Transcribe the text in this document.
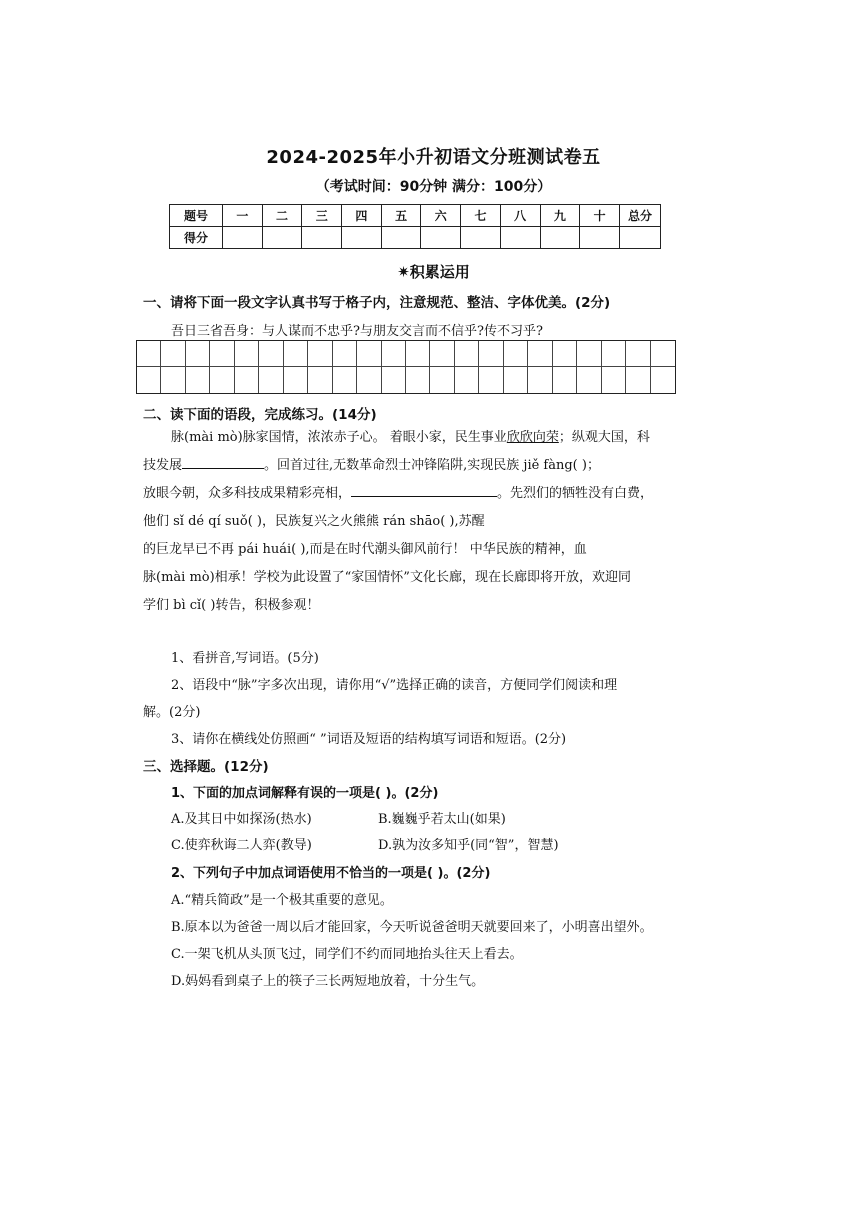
2024-2025年小升初语文分班测试卷五
（考试时间：90分钟 满分：100分）
题号	一	二	三	四	五	六	七	八	九	十	总分
得分											
✷积累运用
一、请将下面一段文字认真书写于格子内，注意规范、整洁、字体优美。(2分)
吾日三省吾身：与人谋而不忠乎?与朋友交言而不信乎?传不习乎?
二、读下面的语段，完成练习。(14分)
脉(mài mò)脉家国情，浓浓赤子心。 着眼小家，民生事业欣欣向荣；纵观大国，科
技发展	。回首过往,无数革命烈士冲锋陷阱,实现民族 jiě fàng( )；
放眼今朝，众多科技成果精彩亮相，	。先烈们的牺牲没有白费，
他们 sǐ dé qí suǒ( )，民族复兴之火熊熊 rán shāo( ),苏醒
的巨龙早已不再 pái huái( ),而是在时代潮头御风前行！ 中华民族的精神，血
脉(mài mò)相承！学校为此设置了“家国情怀”文化长廊，现在长廊即将开放，欢迎同
学们 bì cǐ( )转告，积极参观！
1、看拼音,写词语。(5分)
2、语段中“脉”字多次出现，请你用“√”选择正确的读音，方便同学们阅读和理
解。(2分)
3、请你在横线处仿照画“ ”词语及短语的结构填写词语和短语。(2分)
三、选择题。(12分)
1、下面的加点词解释有误的一项是( )。(2分)
A.及其日中如探汤(热水)	B.巍巍乎若太山(如果)
C.使弈秋诲二人弈(教导)	D.孰为汝多知乎(同“智”，智慧)
2、下列句子中加点词语使用不恰当的一项是( )。(2分)
A.“精兵简政”是一个极其重要的意见。
B.原本以为爸爸一周以后才能回家，今天听说爸爸明天就要回来了，小明喜出望外。
C.一架飞机从头顶飞过，同学们不约而同地抬头往天上看去。
D.妈妈看到桌子上的筷子三长两短地放着，十分生气。
